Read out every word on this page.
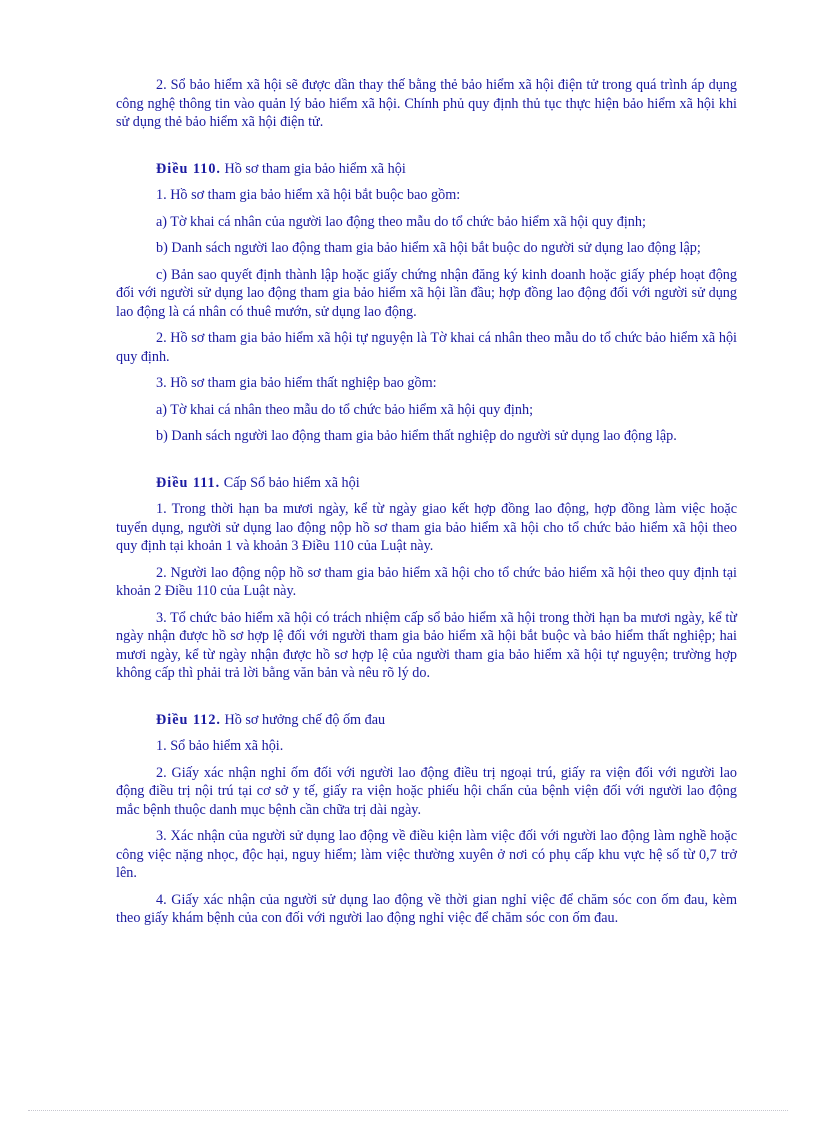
2. Sổ bảo hiểm xã hội sẽ được dần thay thế bằng thẻ bảo hiểm xã hội điện tử trong quá trình áp dụng công nghệ thông tin vào quản lý bảo hiểm xã hội. Chính phủ quy định thủ tục thực hiện bảo hiểm xã hội khi sử dụng thẻ bảo hiểm xã hội điện tử.

Điều 110. Hồ sơ tham gia bảo hiểm xã hội

1. Hồ sơ tham gia bảo hiểm xã hội bắt buộc bao gồm:

a) Tờ khai cá nhân của người lao động theo mẫu do tổ chức bảo hiểm xã hội quy định;

b) Danh sách người lao động tham gia bảo hiểm xã hội bắt buộc do người sử dụng lao động lập;

c) Bản sao quyết định thành lập hoặc giấy chứng nhận đăng ký kinh doanh hoặc giấy phép hoạt động đối với người sử dụng lao động tham gia bảo hiểm xã hội lần đầu; hợp đồng lao động đối với người sử dụng lao động là cá nhân có thuê mướn, sử dụng lao động.

2. Hồ sơ tham gia bảo hiểm xã hội tự nguyện là Tờ khai cá nhân theo mẫu do tổ chức bảo hiểm xã hội quy định.

3. Hồ sơ tham gia bảo hiểm thất nghiệp bao gồm:

a) Tờ khai cá nhân theo mẫu do tổ chức bảo hiểm xã hội quy định;

b) Danh sách người lao động tham gia bảo hiểm thất nghiệp do người sử dụng lao động lập.

Điều 111. Cấp Sổ bảo hiểm xã hội

1. Trong thời hạn ba mươi ngày, kể từ ngày giao kết hợp đồng lao động, hợp đồng làm việc hoặc tuyển dụng, người sử dụng lao động nộp hồ sơ tham gia bảo hiểm xã hội cho tổ chức bảo hiểm xã hội theo quy định tại khoản 1 và khoản 3 Điều 110 của Luật này.

2. Người lao động nộp hồ sơ tham gia bảo hiểm xã hội cho tổ chức bảo hiểm xã hội theo quy định tại khoản 2 Điều 110 của Luật này.

3. Tổ chức bảo hiểm xã hội có trách nhiệm cấp sổ bảo hiểm xã hội trong thời hạn ba mươi ngày, kể từ ngày nhận được hồ sơ hợp lệ đối với người tham gia bảo hiểm xã hội bắt buộc và bảo hiểm thất nghiệp; hai mươi ngày, kể từ ngày nhận được hồ sơ hợp lệ của người tham gia bảo hiểm xã hội tự nguyện; trường hợp không cấp thì phải trả lời bằng văn bản và nêu rõ lý do.

Điều 112. Hồ sơ hưởng chế độ ốm đau

1. Sổ bảo hiểm xã hội.

2. Giấy xác nhận nghỉ ốm đối với người lao động điều trị ngoại trú, giấy ra viện đối với người lao động điều trị nội trú tại cơ sở y tế, giấy ra viện hoặc phiếu hội chẩn của bệnh viện đối với người lao động mắc bệnh thuộc danh mục bệnh cần chữa trị dài ngày.

3. Xác nhận của người sử dụng lao động về điều kiện làm việc đối với người lao động làm nghề hoặc công việc nặng nhọc, độc hại, nguy hiểm; làm việc thường xuyên ở nơi có phụ cấp khu vực hệ số từ 0,7 trở lên.

4. Giấy xác nhận của người sử dụng lao động về thời gian nghỉ việc để chăm sóc con ốm đau, kèm theo giấy khám bệnh của con đối với người lao động nghỉ việc để chăm sóc con ốm đau.
